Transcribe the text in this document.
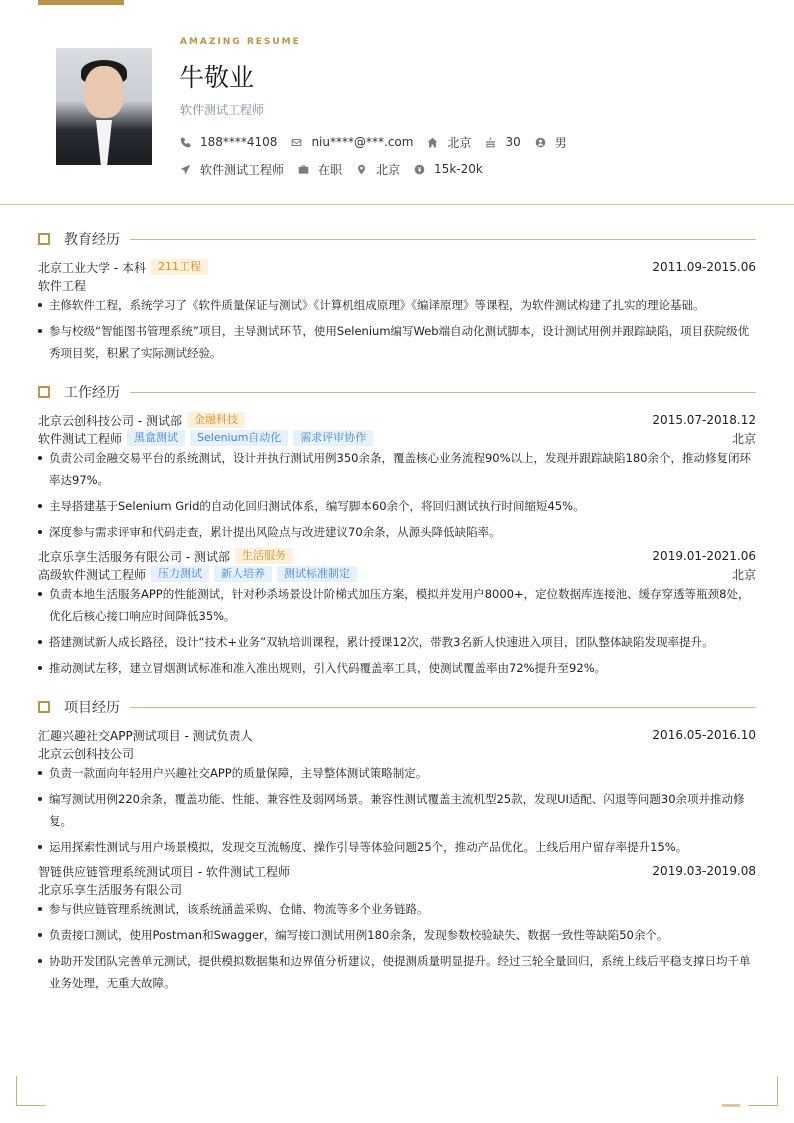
AMAZING RESUME
牛敬业
软件测试工程师
188****4108	niu****@***.com	北京	30	男
软件测试工程师	在职	北京	15k-20k
教育经历
北京工业大学 - 本科	211工程	2011.09-2015.06
软件工程
主修软件工程，系统学习了《软件质量保证与测试》《计算机组成原理》《编译原理》等课程，为软件测试构建了扎实的理论基础。
参与校级“智能图书管理系统”项目，主导测试环节，使用Selenium编写Web端自动化测试脚本，设计测试用例并跟踪缺陷，项目获院级优秀项目奖，积累了实际测试经验。
工作经历
北京云创科技公司 - 测试部	金融科技	2015.07-2018.12
软件测试工程师	黑盒测试	Selenium自动化	需求评审协作	北京
负责公司金融交易平台的系统测试，设计并执行测试用例350余条，覆盖核心业务流程90%以上，发现并跟踪缺陷180余个，推动修复闭环率达97%。
主导搭建基于Selenium Grid的自动化回归测试体系，编写脚本60余个，将回归测试执行时间缩短45%。
深度参与需求评审和代码走查，累计提出风险点与改进建议70余条，从源头降低缺陷率。
北京乐享生活服务有限公司 - 测试部	生活服务	2019.01-2021.06
高级软件测试工程师	压力测试	新人培养	测试标准制定	北京
负责本地生活服务APP的性能测试，针对秒杀场景设计阶梯式加压方案，模拟并发用户8000+，定位数据库连接池、缓存穿透等瓶颈8处，优化后核心接口响应时间降低35%。
搭建测试新人成长路径，设计“技术+业务”双轨培训课程，累计授课12次，带教3名新人快速进入项目，团队整体缺陷发现率提升。
推动测试左移，建立冒烟测试标准和准入准出规则，引入代码覆盖率工具，使测试覆盖率由72%提升至92%。
项目经历
汇趣兴趣社交APP测试项目 - 测试负责人	2016.05-2016.10
北京云创科技公司
负责一款面向年轻用户兴趣社交APP的质量保障，主导整体测试策略制定。
编写测试用例220余条，覆盖功能、性能、兼容性及弱网场景。兼容性测试覆盖主流机型25款，发现UI适配、闪退等问题30余项并推动修复。
运用探索性测试与用户场景模拟，发现交互流畅度、操作引导等体验问题25个，推动产品优化。上线后用户留存率提升15%。
智链供应链管理系统测试项目 - 软件测试工程师	2019.03-2019.08
北京乐享生活服务有限公司
参与供应链管理系统测试，该系统涵盖采购、仓储、物流等多个业务链路。
负责接口测试，使用Postman和Swagger，编写接口测试用例180余条，发现参数校验缺失、数据一致性等缺陷50余个。
协助开发团队完善单元测试，提供模拟数据集和边界值分析建议，使提测质量明显提升。经过三轮全量回归，系统上线后平稳支撑日均千单业务处理，无重大故障。
